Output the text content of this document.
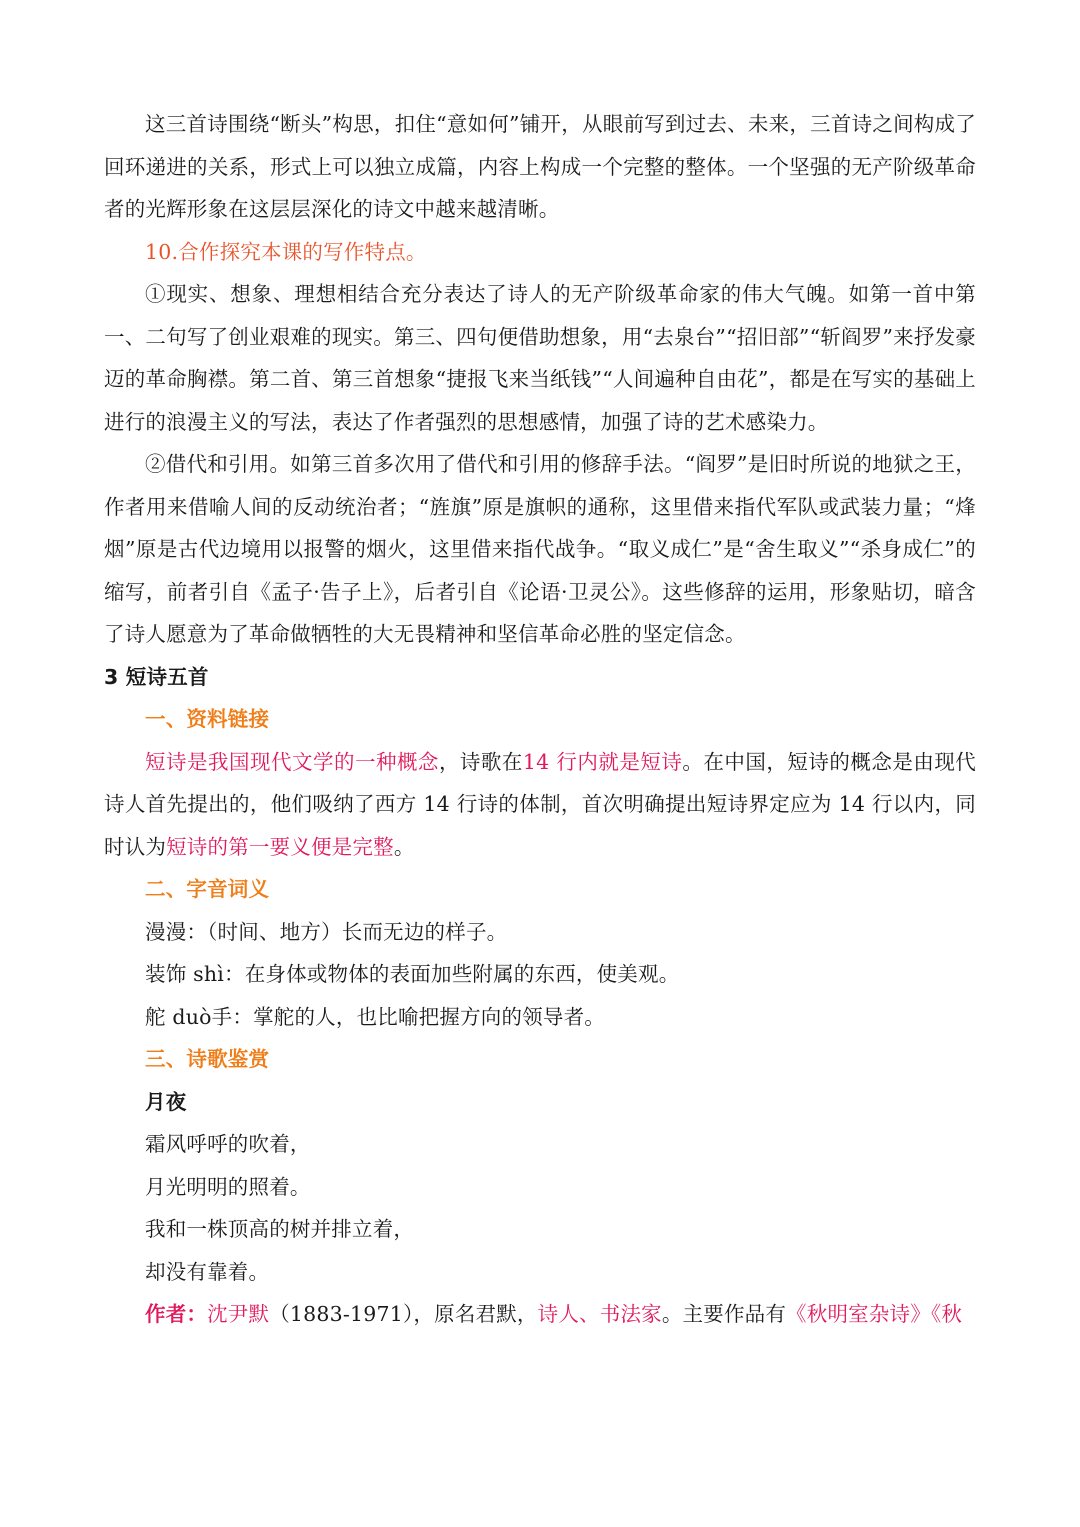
这三首诗围绕“断头”构思，扣住“意如何”铺开，从眼前写到过去、未来，三首诗之间构成了回环递进的关系，形式上可以独立成篇，内容上构成一个完整的整体。一个坚强的无产阶级革命者的光辉形象在这层层深化的诗文中越来越清晰。

10.合作探究本课的写作特点。

①现实、想象、理想相结合充分表达了诗人的无产阶级革命家的伟大气魄。如第一首中第一、二句写了创业艰难的现实。第三、四句便借助想象，用“去泉台”“招旧部”“斩阎罗”来抒发豪迈的革命胸襟。第二首、第三首想象“捷报飞来当纸钱”“人间遍种自由花”，都是在写实的基础上进行的浪漫主义的写法，表达了作者强烈的思想感情，加强了诗的艺术感染力。

②借代和引用。如第三首多次用了借代和引用的修辞手法。“阎罗”是旧时所说的地狱之王，作者用来借喻人间的反动统治者；“旌旗”原是旗帜的通称，这里借来指代军队或武装力量；“烽烟”原是古代边境用以报警的烟火，这里借来指代战争。“取义成仁”是“舍生取义”“杀身成仁”的缩写，前者引自《孟子·告子上》，后者引自《论语·卫灵公》。这些修辞的运用，形象贴切，暗含了诗人愿意为了革命做牺牲的大无畏精神和坚信革命必胜的坚定信念。

3 短诗五首

一、资料链接

短诗是我国现代文学的一种概念，诗歌在14 行内就是短诗。在中国，短诗的概念是由现代诗人首先提出的，他们吸纳了西方 14 行诗的体制，首次明确提出短诗界定应为 14 行以内，同时认为短诗的第一要义便是完整。

二、字音词义

漫漫：（时间、地方）长而无边的样子。

装饰 shì：在身体或物体的表面加些附属的东西，使美观。

舵 duò手：掌舵的人，也比喻把握方向的领导者。

三、诗歌鉴赏

月夜

霜风呼呼的吹着，

月光明明的照着。

我和一株顶高的树并排立着，

却没有靠着。

作者：沈尹默（1883-1971），原名君默，诗人、书法家。主要作品有《秋明室杂诗》《秋
